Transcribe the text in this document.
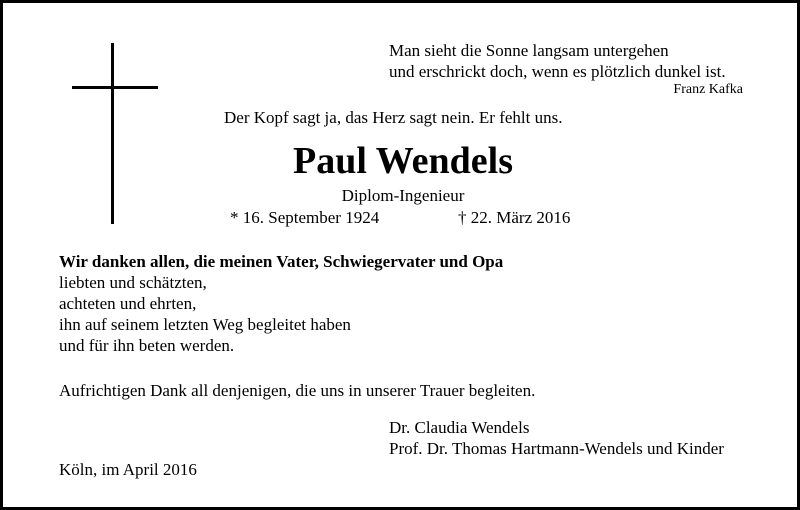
Man sieht die Sonne langsam untergehen
und erschrickt doch, wenn es plötzlich dunkel ist.
Franz Kafka
Der Kopf sagt ja, das Herz sagt nein. Er fehlt uns.
Paul Wendels
Diplom-Ingenieur
* 16. September 1924	† 22. März 2016
Wir danken allen, die meinen Vater, Schwiegervater und Opa
liebten und schätzten,
achteten und ehrten,
ihn auf seinem letzten Weg begleitet haben
und für ihn beten werden.
Aufrichtigen Dank all denjenigen, die uns in unserer Trauer begleiten.
Dr. Claudia Wendels
Prof. Dr. Thomas Hartmann-Wendels und Kinder
Köln, im April 2016
